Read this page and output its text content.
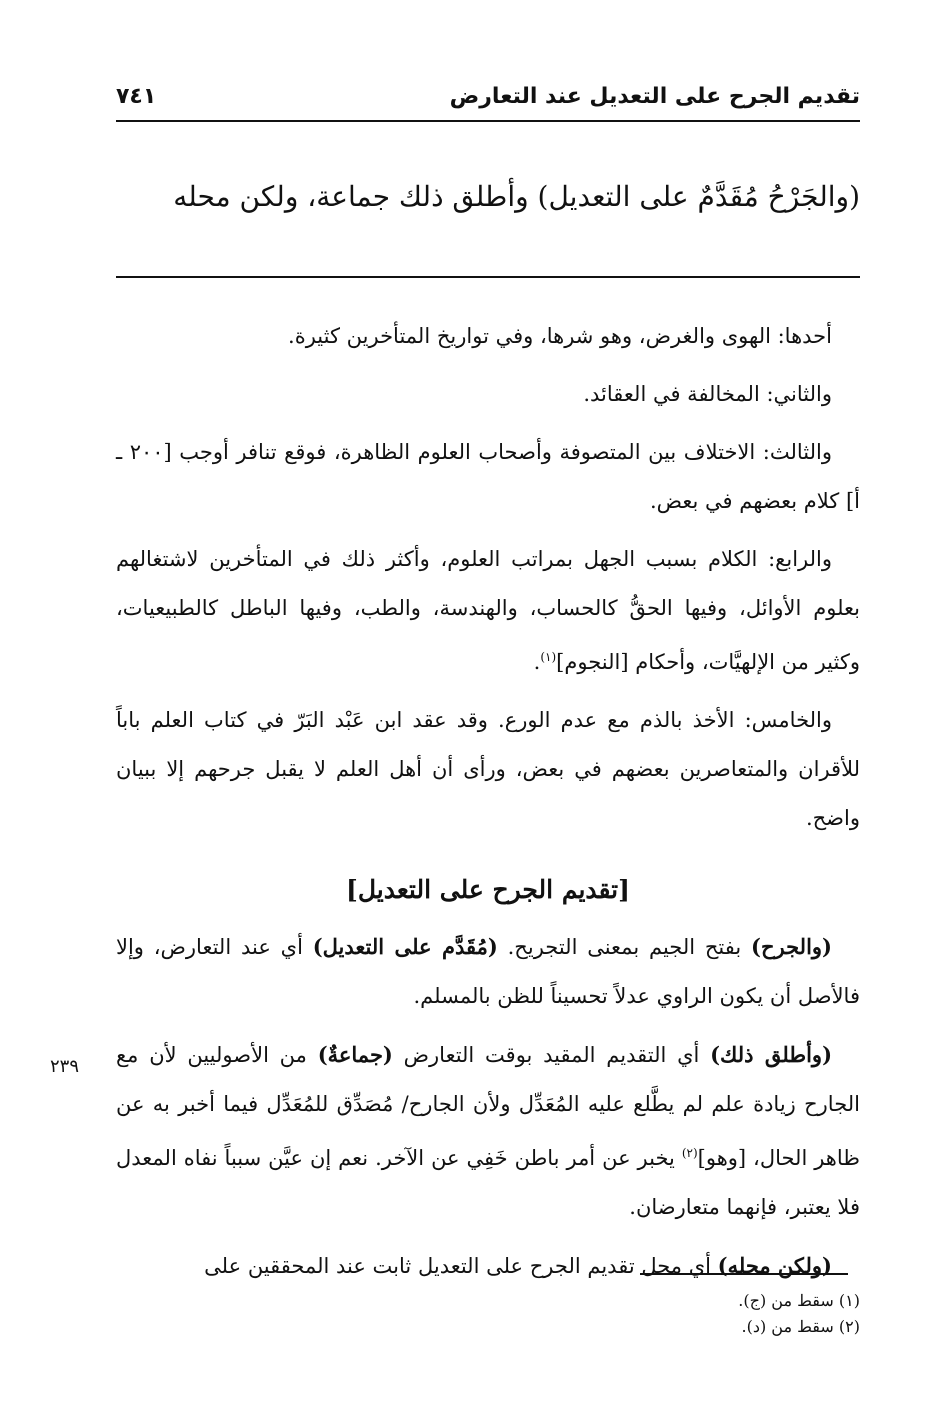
تقديم الجرح على التعديل عند التعارض
٧٤١
(والجَرْحُ مُقَدَّمٌ على التعديل) وأطلق ذلك جماعة، ولكن محله

أحدها: الهوى والغرض، وهو شرها، وفي تواريخ المتأخرين كثيرة.

والثاني: المخالفة في العقائد.

والثالث: الاختلاف بين المتصوفة وأصحاب العلوم الظاهرة، فوقع تنافر أوجب [٢٠٠ ـ أ] كلام بعضهم في بعض.

والرابع: الكلام بسبب الجهل بمراتب العلوم، وأكثر ذلك في المتأخرين لاشتغالهم بعلوم الأوائل، وفيها الحقُّ كالحساب، والهندسة، والطب، وفيها الباطل كالطبيعيات، وكثير من الإلهيَّات، وأحكام [النجوم]$^{(١)}$.

والخامس: الأخذ بالذم مع عدم الورع. وقد عقد ابن عَبْد البَرّ في كتاب العلم باباً للأقران والمتعاصرين بعضهم في بعض، ورأى أن أهل العلم لا يقبل جرحهم إلا ببيان واضح.

[تقديم الجرح على التعديل]

(والجرح) بفتح الجيم بمعنى التجريح. (مُقَدَّم على التعديل) أي عند التعارض، وإلا فالأصل أن يكون الراوي عدلاً تحسيناً للظن بالمسلم.

(وأطلق ذلك) أي التقديم المقيد بوقت التعارض (جماعةٌ) من الأصوليين لأن مع الجارح زيادة علم لم يطَّلع عليه المُعَدِّل ولأن الجارح/ مُصَدِّق للمُعَدِّل فيما أخبر به عن ظاهر الحال، [وهو]$^{(٢)}$ يخبر عن أمر باطن خَفِي عن الآخر. نعم إن عيَّن سبباً نفاه المعدل فلا يعتبر، فإنهما متعارضان.

(ولكن محله) أي محل تقديم الجرح على التعديل ثابت عند المحققين على

٢٣٩

(١) سقط من (ج).

(٢) سقط من (د).
